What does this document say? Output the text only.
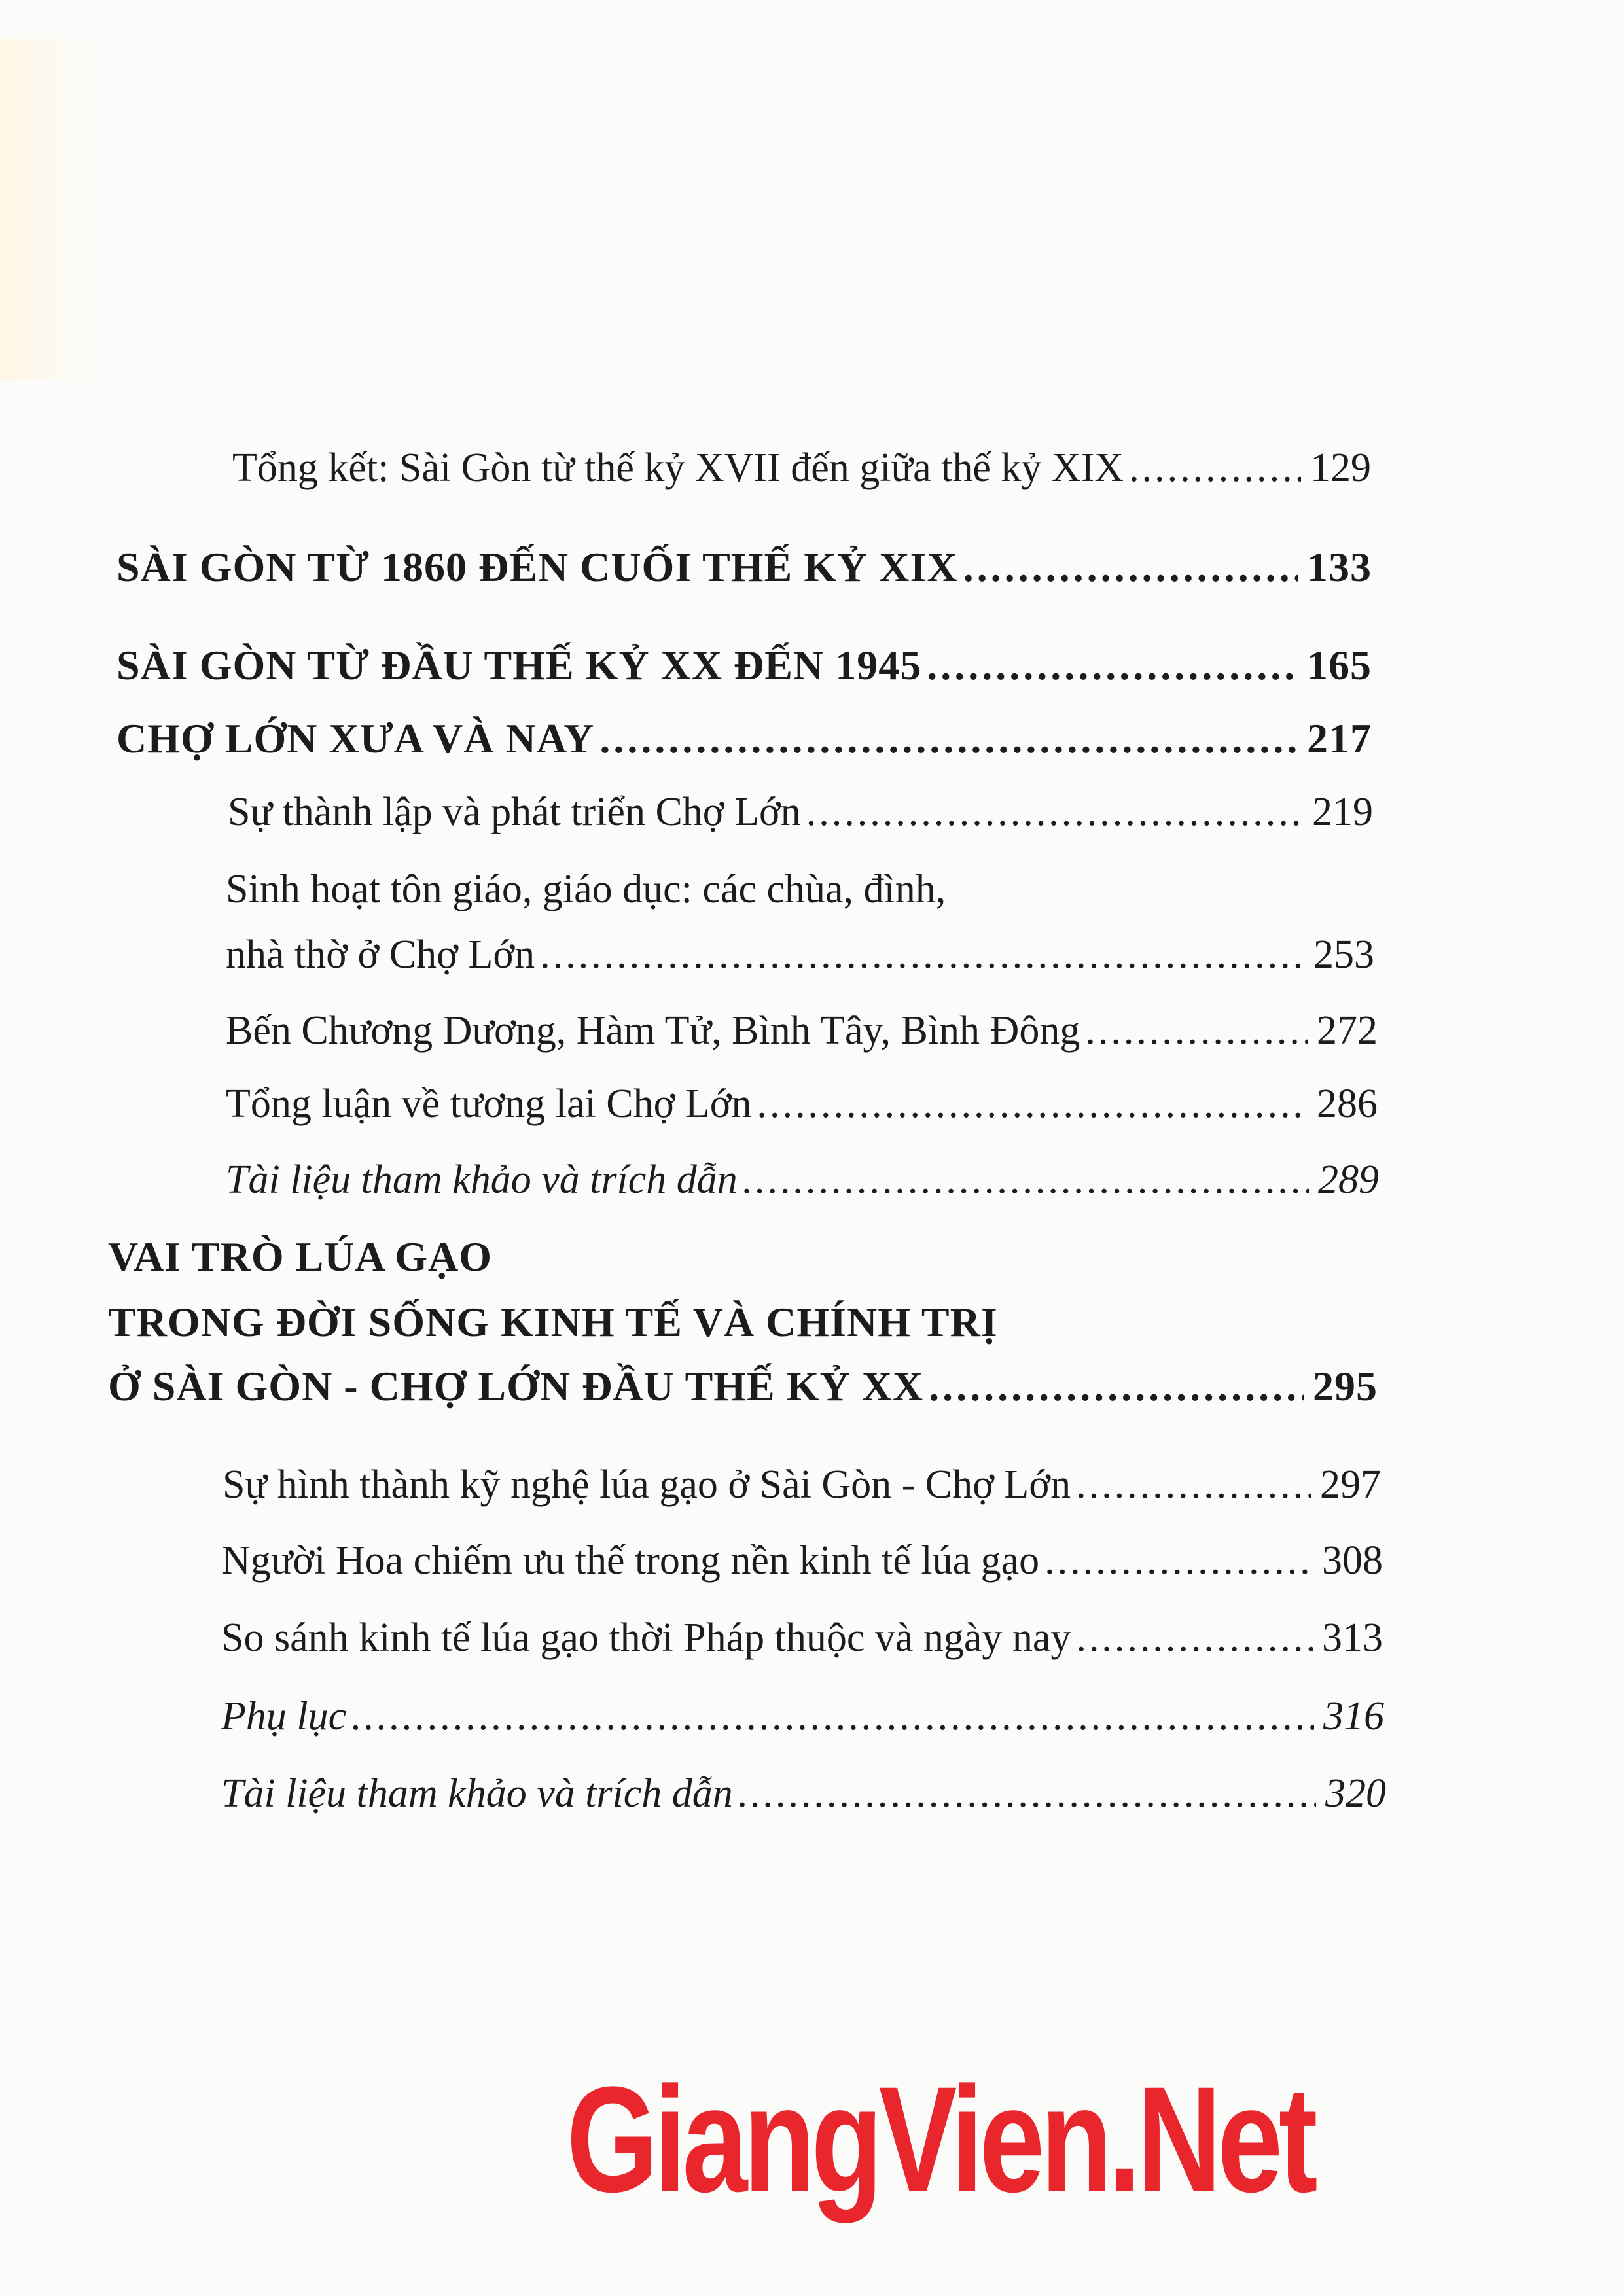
Tổng kết: Sài Gòn từ thế kỷ XVII đến giữa thế kỷ XIX .....	129
SÀI GÒN TỪ 1860 ĐẾN CUỐI THẾ KỶ XIX .....	133
SÀI GÒN TỪ ĐẦU THẾ KỶ XX ĐẾN 1945 .....	165
CHỢ LỚN XƯA VÀ NAY .....	217
Sự thành lập và phát triển Chợ Lớn .....	219
Sinh hoạt tôn giáo, giáo dục: các chùa, đình,
nhà thờ ở Chợ Lớn .....	253
Bến Chương Dương, Hàm Tử, Bình Tây, Bình Đông .....	272
Tổng luận về tương lai Chợ Lớn .....	286
Tài liệu tham khảo và trích dẫn .....	289
VAI TRÒ LÚA GẠO
TRONG ĐỜI SỐNG KINH TẾ VÀ CHÍNH TRỊ
Ở SÀI GÒN - CHỢ LỚN ĐẦU THẾ KỶ XX .....	295
Sự hình thành kỹ nghệ lúa gạo ở Sài Gòn - Chợ Lớn .....	297
Người Hoa chiếm ưu thế trong nền kinh tế lúa gạo .....	308
So sánh kinh tế lúa gạo thời Pháp thuộc và ngày nay .....	313
Phụ lục .....	316
Tài liệu tham khảo và trích dẫn .....	320
GiangVien.Net
